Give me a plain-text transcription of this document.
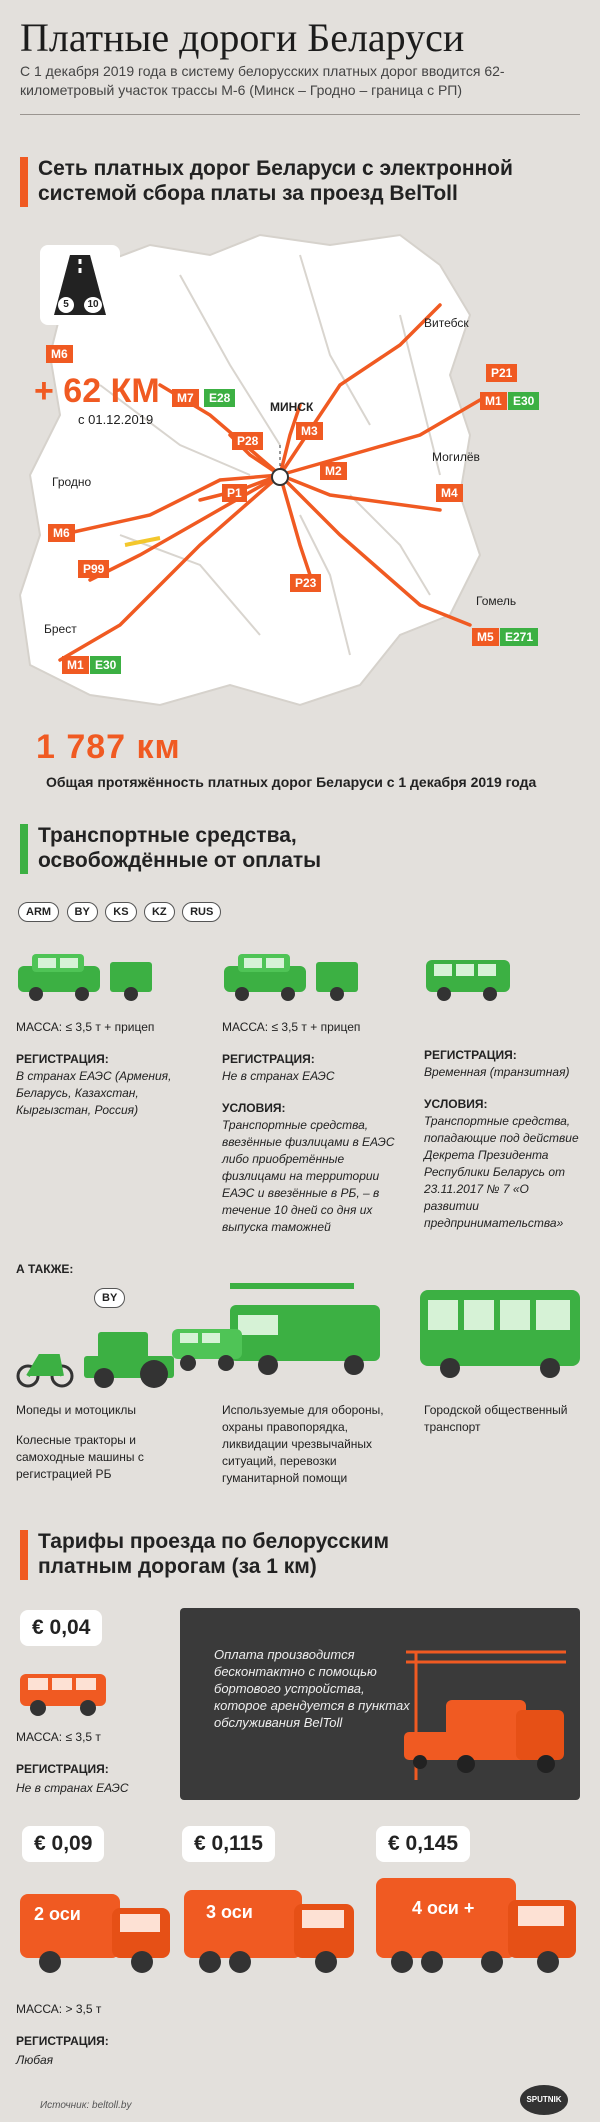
Платные дороги Беларуси
С 1 декабря 2019 года в систему белорусских платных дорог вводится 62-километровый участок трассы М-6 (Минск – Гродно – граница с РП)
Сеть платных дорог Беларуси с электронной
системой сбора платы за проезд BelToll
5	10
M6
+ 62 КМ
с 01.12.2019
Витебск
МИНСК
Гродно
Могилёв
Гомель
Брест
M7	E28
P21
M1 E30
P28
M3
M2
M4
P1
M6
P99
P23
M5 E271
M1 E30
1 787 км
Общая протяжённость платных дорог Беларуси с 1 декабря 2019 года
Транспортные средства,
освобождённые от оплаты
ARM BY KS KZ RUS
МАССА: ≤ 3,5 т + прицеп
РЕГИСТРАЦИЯ:
В странах ЕАЭС (Армения, Беларусь, Казахстан, Кыргызстан, Россия)
МАССА: ≤ 3,5 т + прицеп
РЕГИСТРАЦИЯ:
Не в странах ЕАЭС
УСЛОВИЯ:
Транспортные средства, ввезённые физлицами в ЕАЭС либо приобретённые физлицами на территории ЕАЭС и ввезённые в РБ, – в течение 10 дней со дня их выпуска таможней
РЕГИСТРАЦИЯ:
Временная (транзитная)
УСЛОВИЯ:
Транспортные средства, попадающие под действие Декрета Президента Республики Беларусь от 23.11.2017 № 7 «О развитии предпринимательства»
А ТАКЖЕ:
BY
Мопеды и мотоциклы
Колесные тракторы и самоходные машины с регистрацией РБ
Используемые для обороны, охраны правопорядка, ликвидации чрезвычайных ситуаций, перевозки гуманитарной помощи
Городской общественный транспорт
Тарифы проезда по белорусским
платным дорогам (за 1 км)
€ 0,04
МАССА: ≤ 3,5 т
РЕГИСТРАЦИЯ:
Не в странах ЕАЭС
Оплата производится бесконтактно с помощью бортового устройства, которое арендуется в пунктах обслуживания BelToll
€ 0,09	€ 0,115	€ 0,145
2 оси	3 оси	4 оси +
МАССА: > 3,5 т
РЕГИСТРАЦИЯ:
Любая
Источник: beltoll.by
SPUTNIK
